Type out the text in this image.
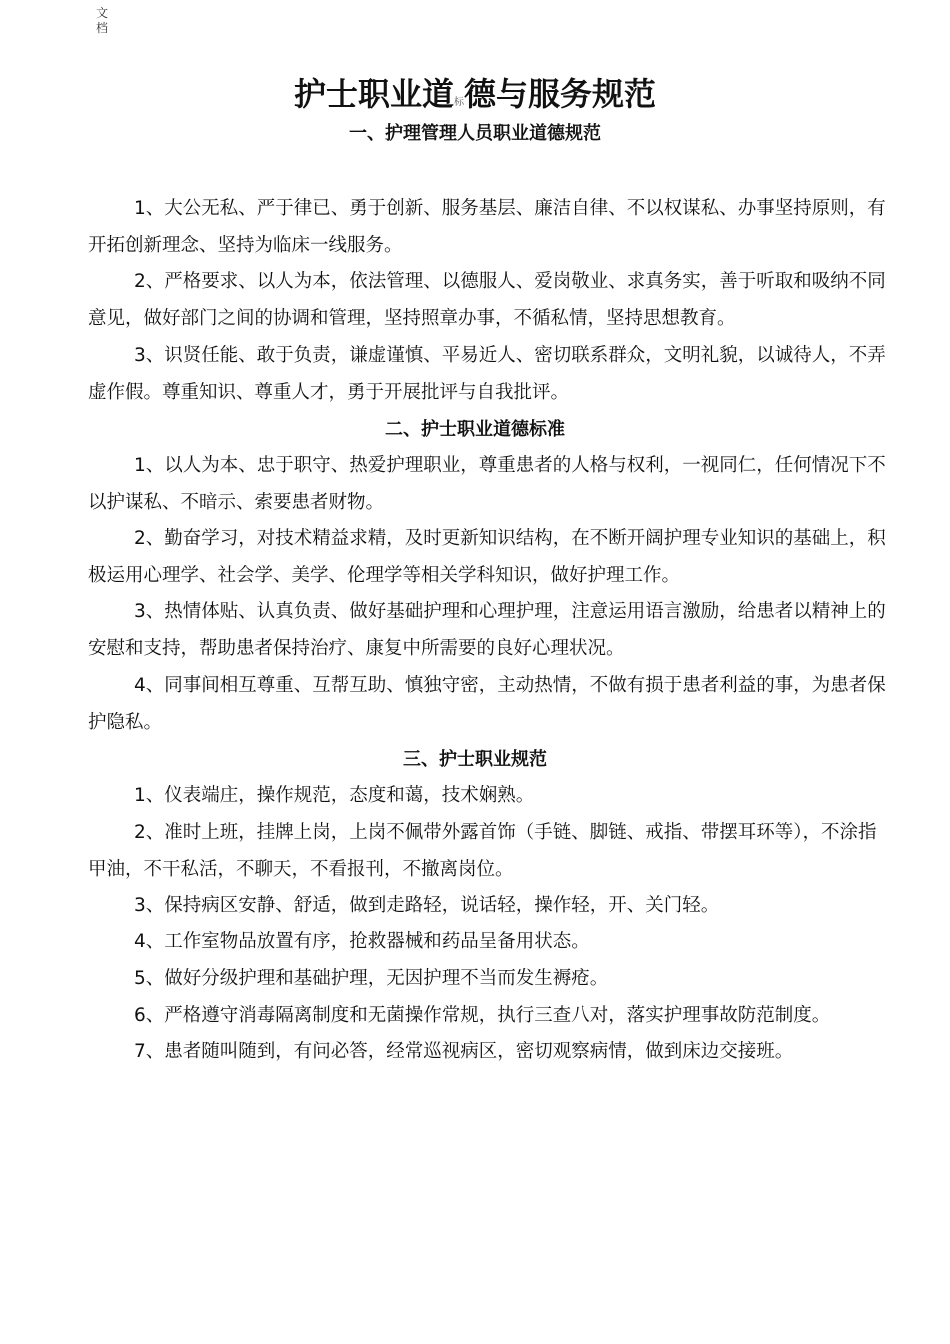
文档
护士职业道标德与服务规范
一、护理管理人员职业道德规范
1、大公无私、严于律已、勇于创新、服务基层、廉洁自律、不以权谋私、办事坚持原则，有开拓创新理念、坚持为临床一线服务。
2、严格要求、以人为本，依法管理、以德服人、爱岗敬业、求真务实，善于听取和吸纳不同意见，做好部门之间的协调和管理，坚持照章办事，不循私情，坚持思想教育。
3、识贤任能、敢于负责，谦虚谨慎、平易近人、密切联系群众，文明礼貌，以诚待人，不弄虚作假。尊重知识、尊重人才，勇于开展批评与自我批评。
二、护士职业道德标准
1、以人为本、忠于职守、热爱护理职业，尊重患者的人格与权利，一视同仁，任何情况下不以护谋私、不暗示、索要患者财物。
2、勤奋学习，对技术精益求精，及时更新知识结构，在不断开阔护理专业知识的基础上，积极运用心理学、社会学、美学、伦理学等相关学科知识，做好护理工作。
3、热情体贴、认真负责、做好基础护理和心理护理，注意运用语言激励，给患者以精神上的安慰和支持，帮助患者保持治疗、康复中所需要的良好心理状况。
4、同事间相互尊重、互帮互助、慎独守密，主动热情，不做有损于患者利益的事，为患者保护隐私。
三、护士职业规范
1、仪表端庄，操作规范，态度和蔼，技术娴熟。
2、准时上班，挂牌上岗，上岗不佩带外露首饰（手链、脚链、戒指、带摆耳环等），不涂指甲油，不干私活，不聊天，不看报刊，不撤离岗位。
3、保持病区安静、舒适，做到走路轻，说话轻，操作轻，开、关门轻。
4、工作室物品放置有序，抢救器械和药品呈备用状态。
5、做好分级护理和基础护理，无因护理不当而发生褥疮。
6、严格遵守消毒隔离制度和无菌操作常规，执行三查八对，落实护理事故防范制度。
7、患者随叫随到，有问必答，经常巡视病区，密切观察病情，做到床边交接班。
